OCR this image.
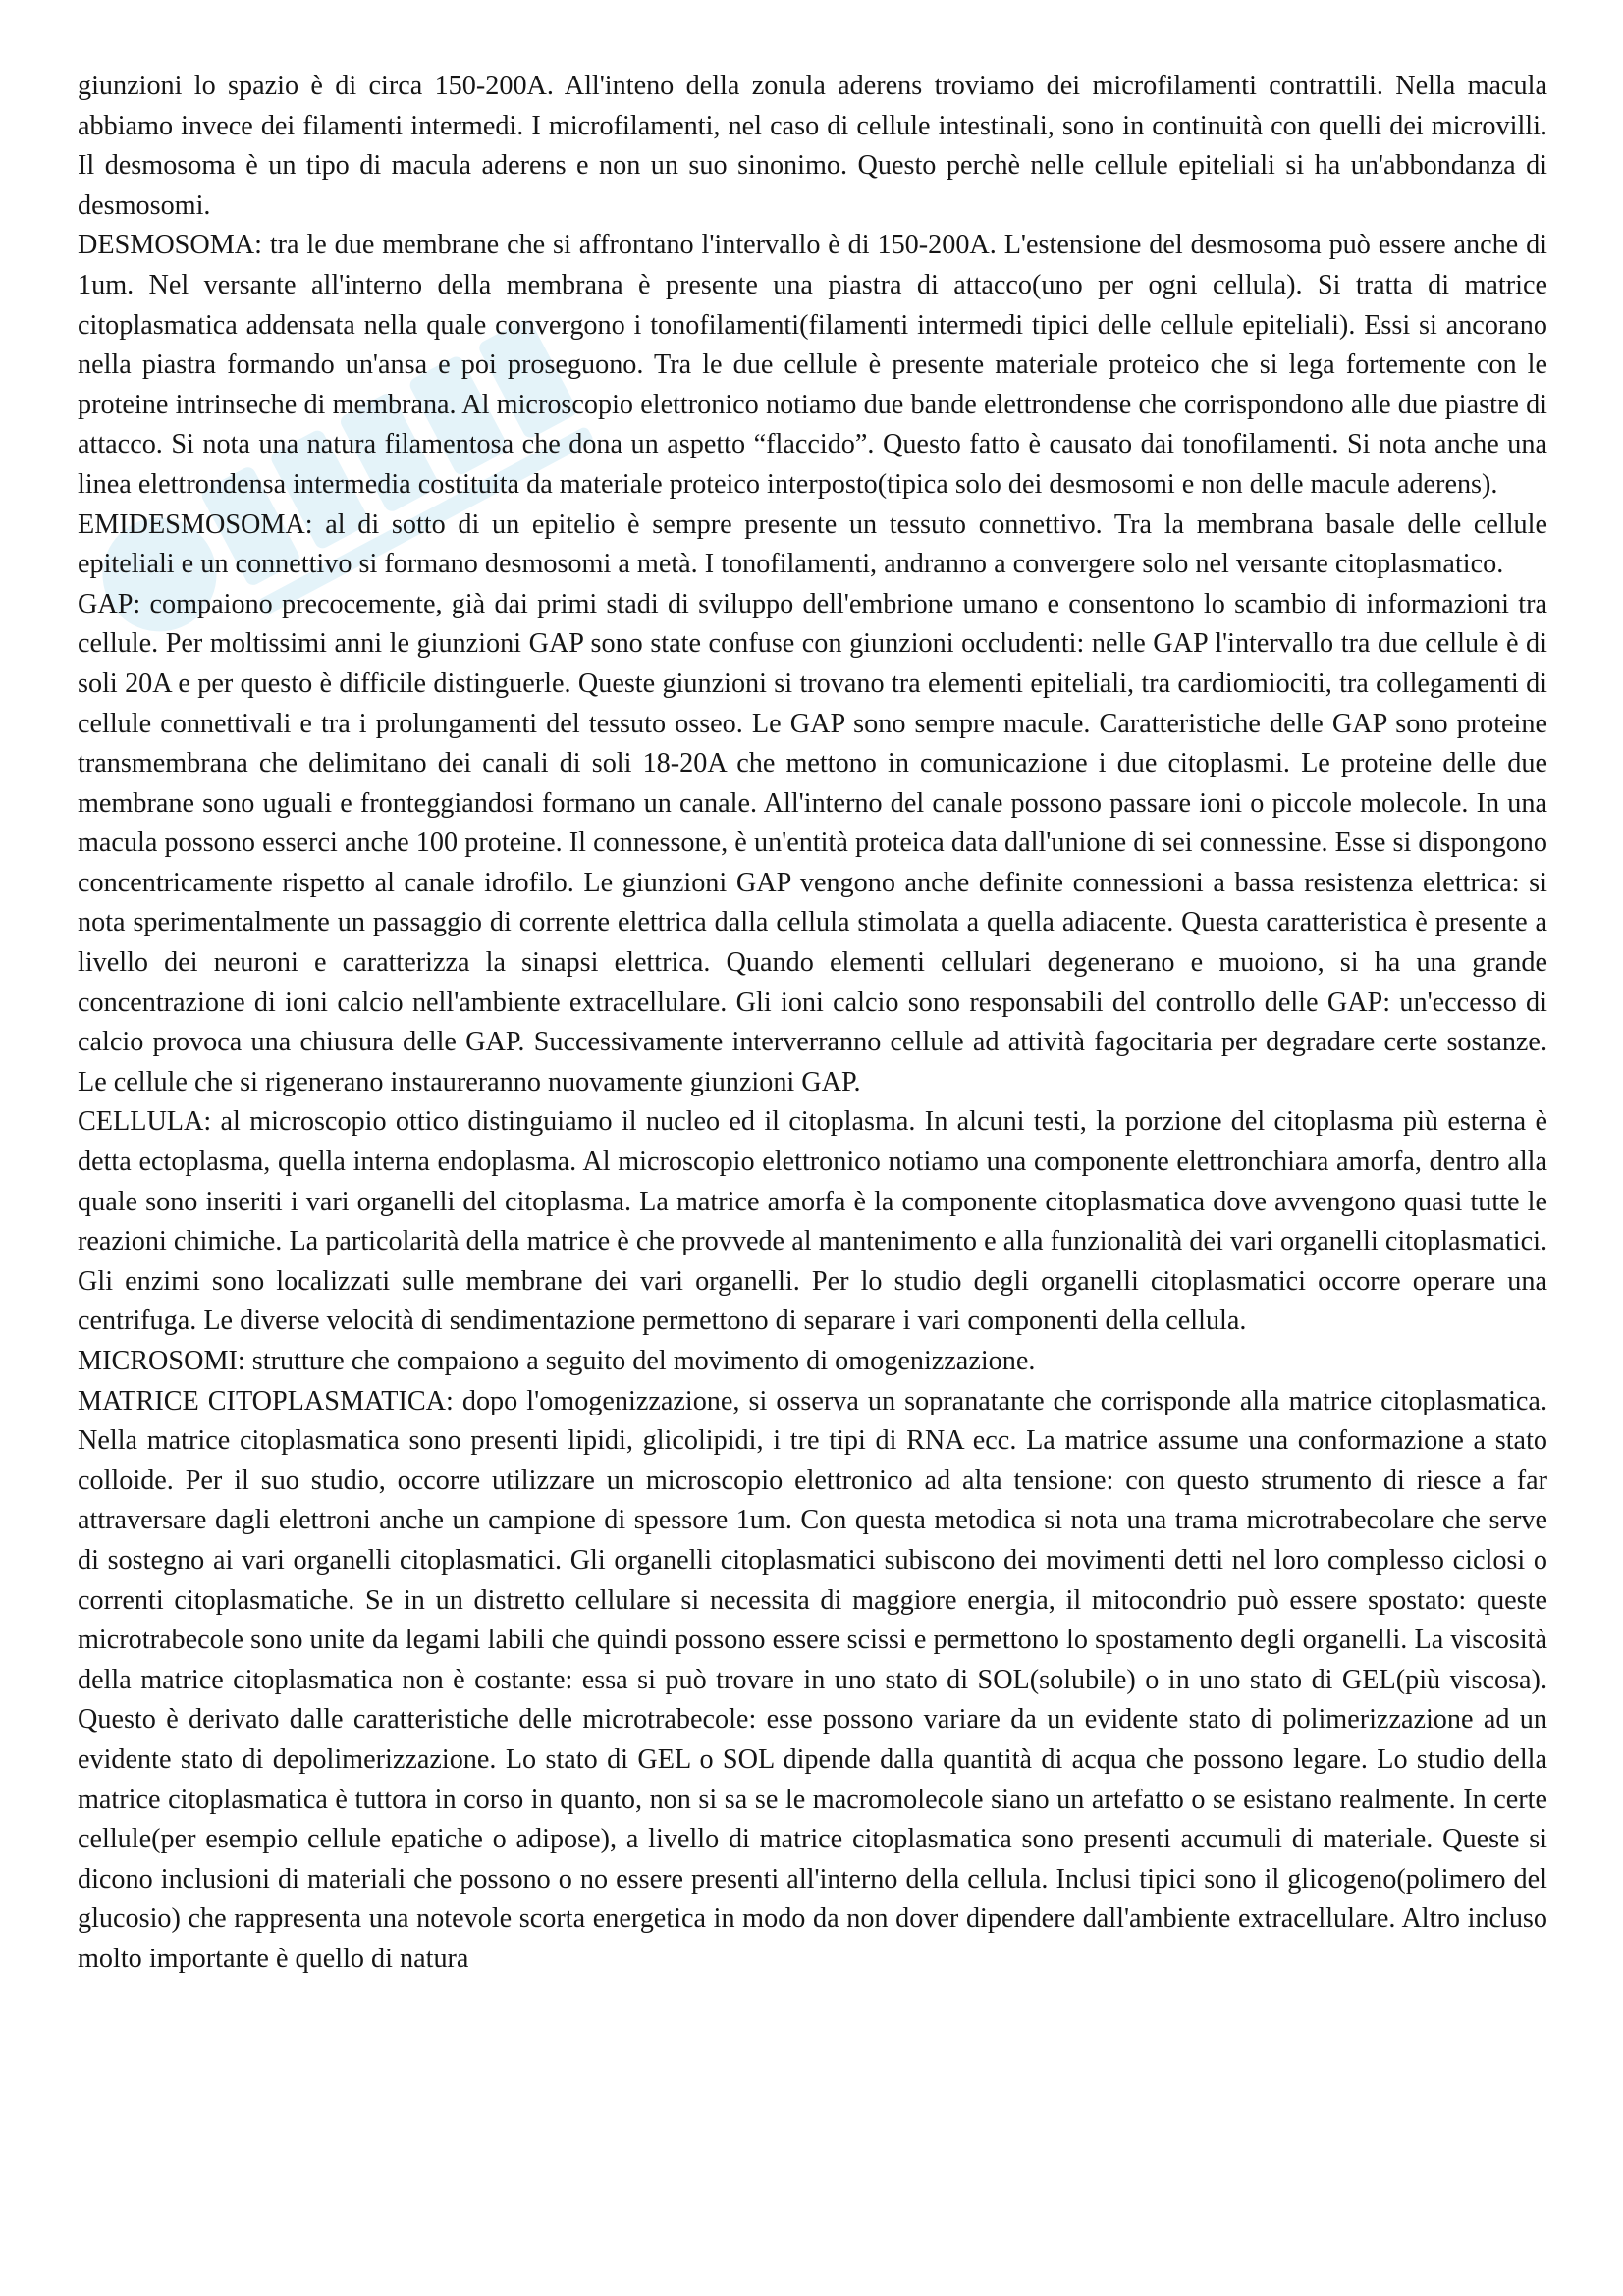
giunzioni lo spazio è di circa 150-200A. All'inteno della zonula aderens troviamo dei microfilamenti contrattili. Nella macula abbiamo invece dei filamenti intermedi. I microfilamenti, nel caso di cellule intestinali, sono in continuità con quelli dei microvilli. Il desmosoma è un tipo di macula aderens e non un suo sinonimo. Questo perchè nelle cellule epiteliali si ha un'abbondanza di desmosomi.

DESMOSOMA: tra le due membrane che si affrontano l'intervallo è di 150-200A. L'estensione del desmosoma può essere anche di 1um. Nel versante all'interno della membrana è presente una piastra di attacco(uno per ogni cellula). Si tratta di matrice citoplasmatica addensata nella quale convergono i tonofilamenti(filamenti intermedi tipici delle cellule epiteliali). Essi si ancorano nella piastra formando un'ansa e poi proseguono. Tra le due cellule è presente materiale proteico che si lega fortemente con le proteine intrinseche di membrana. Al microscopio elettronico notiamo due bande elettrondense che corrispondono alle due piastre di attacco. Si nota una natura filamentosa che dona un aspetto “flaccido”. Questo fatto è causato dai tonofilamenti. Si nota anche una linea elettrondensa intermedia costituita da materiale proteico interposto(tipica solo dei desmosomi e non delle macule aderens).

EMIDESMOSOMA: al di sotto di un epitelio è sempre presente un tessuto connettivo. Tra la membrana basale delle cellule epiteliali e un connettivo si formano desmosomi a metà. I tonofilamenti, andranno a convergere solo nel versante citoplasmatico.

GAP: compaiono precocemente, già dai primi stadi di sviluppo dell'embrione umano e consentono lo scambio di informazioni tra cellule. Per moltissimi anni le giunzioni GAP sono state confuse con giunzioni occludenti: nelle GAP l'intervallo tra due cellule è di soli 20A e per questo è difficile distinguerle. Queste giunzioni si trovano tra elementi epiteliali, tra cardiomiociti, tra collegamenti di cellule connettivali e tra i prolungamenti del tessuto osseo. Le GAP sono sempre macule. Caratteristiche delle GAP sono proteine transmembrana che delimitano dei canali di soli 18-20A che mettono in comunicazione i due citoplasmi. Le proteine delle due membrane sono uguali e fronteggiandosi formano un canale. All'interno del canale possono passare ioni o piccole molecole. In una macula possono esserci anche 100 proteine. Il connessone, è un'entità proteica data dall'unione di sei connessine. Esse si dispongono concentricamente rispetto al canale idrofilo. Le giunzioni GAP vengono anche definite connessioni a bassa resistenza elettrica: si nota sperimentalmente un passaggio di corrente elettrica dalla cellula stimolata a quella adiacente. Questa caratteristica è presente a livello dei neuroni e caratterizza la sinapsi elettrica. Quando elementi cellulari degenerano e muoiono, si ha una grande concentrazione di ioni calcio nell'ambiente extracellulare. Gli ioni calcio sono responsabili del controllo delle GAP: un'eccesso di calcio provoca una chiusura delle GAP. Successivamente interverranno cellule ad attività fagocitaria per degradare certe sostanze. Le cellule che si rigenerano instaureranno nuovamente giunzioni GAP.

CELLULA: al microscopio ottico distinguiamo il nucleo ed il citoplasma. In alcuni testi, la porzione del citoplasma più esterna è detta ectoplasma, quella interna endoplasma. Al microscopio elettronico notiamo una componente elettronchiara amorfa, dentro alla quale sono inseriti i vari organelli del citoplasma. La matrice amorfa è la componente citoplasmatica dove avvengono quasi tutte le reazioni chimiche. La particolarità della matrice è che provvede al mantenimento e alla funzionalità dei vari organelli citoplasmatici. Gli enzimi sono localizzati sulle membrane dei vari organelli. Per lo studio degli organelli citoplasmatici occorre operare una centrifuga. Le diverse velocità di sendimentazione permettono di separare i vari componenti della cellula.

MICROSOMI: strutture che compaiono a seguito del movimento di omogenizzazione.

MATRICE CITOPLASMATICA: dopo l'omogenizzazione, si osserva un sopranatante che corrisponde alla matrice citoplasmatica. Nella matrice citoplasmatica sono presenti lipidi, glicolipidi, i tre tipi di RNA ecc. La matrice assume una conformazione a stato colloide. Per il suo studio, occorre utilizzare un microscopio elettronico ad alta tensione: con questo strumento di riesce a far attraversare dagli elettroni anche un campione di spessore 1um. Con questa metodica si nota una trama microtrabecolare che serve di sostegno ai vari organelli citoplasmatici. Gli organelli citoplasmatici subiscono dei movimenti detti nel loro complesso ciclosi o correnti citoplasmatiche. Se in un distretto cellulare si necessita di maggiore energia, il mitocondrio può essere spostato: queste microtrabecole sono unite da legami labili che quindi possono essere scissi e permettono lo spostamento degli organelli. La viscosità della matrice citoplasmatica non è costante: essa si può trovare in uno stato di SOL(solubile) o in uno stato di GEL(più viscosa). Questo è derivato dalle caratteristiche delle microtrabecole: esse possono variare da un evidente stato di polimerizzazione ad un evidente stato di depolimerizzazione. Lo stato di GEL o SOL dipende dalla quantità di acqua che possono legare. Lo studio della matrice citoplasmatica è tuttora in corso in quanto, non si sa se le macromolecole siano un artefatto o se esistano realmente. In certe cellule(per esempio cellule epatiche o adipose), a livello di matrice citoplasmatica sono presenti accumuli di materiale. Queste si dicono inclusioni di materiali che possono o no essere presenti all'interno della cellula. Inclusi tipici sono il glicogeno(polimero del glucosio) che rappresenta una notevole scorta energetica in modo da non dover dipendere dall'ambiente extracellulare. Altro incluso molto importante è quello di natura
